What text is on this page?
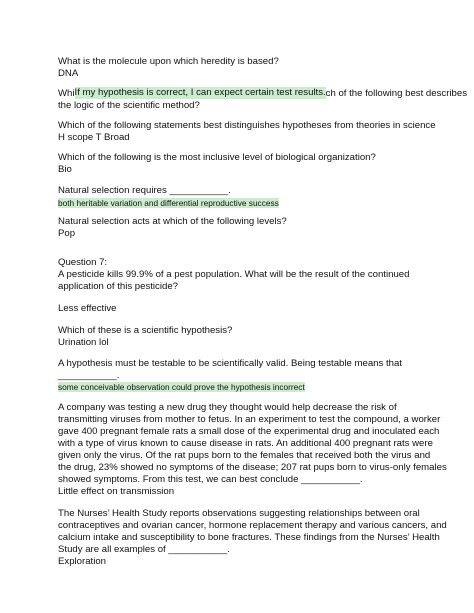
What is the molecule upon which heredity is based?
DNA
Whi If my hypothesis is correct, I can expect certain test results. ch of the following best describes
the logic of the scientific method?
Which of the following statements best distinguishes hypotheses from theories in science
H scope T Broad
Which of the following is the most inclusive level of biological organization?
Bio
Natural selection requires ___________.
both heritable variation and differential reproductive success
Natural selection acts at which of the following levels?
Pop
Question 7:
A pesticide kills 99.9% of a pest population. What will be the result of the continued
application of this pesticide?
Less effective
Which of these is a scientific hypothesis?
Urination lol
A hypothesis must be testable to be scientifically valid. Being testable means that
___________.
some conceivable observation could prove the hypothesis incorrect
A company was testing a new drug they thought would help decrease the risk of
transmitting viruses from mother to fetus. In an experiment to test the compound, a worker
gave 400 pregnant female rats a small dose of the experimental drug and inoculated each
with a type of virus known to cause disease in rats. An additional 400 pregnant rats were
given only the virus. Of the rat pups born to the females that received both the virus and
the drug, 23% showed no symptoms of the disease; 207 rat pups born to virus-only females
showed symptoms. From this test, we can best conclude ___________.
Little effect on transmission
The Nurses’ Health Study reports observations suggesting relationships between oral
contraceptives and ovarian cancer, hormone replacement therapy and various cancers, and
calcium intake and susceptibility to bone fractures. These findings from the Nurses’ Health
Study are all examples of ___________.
Exploration
